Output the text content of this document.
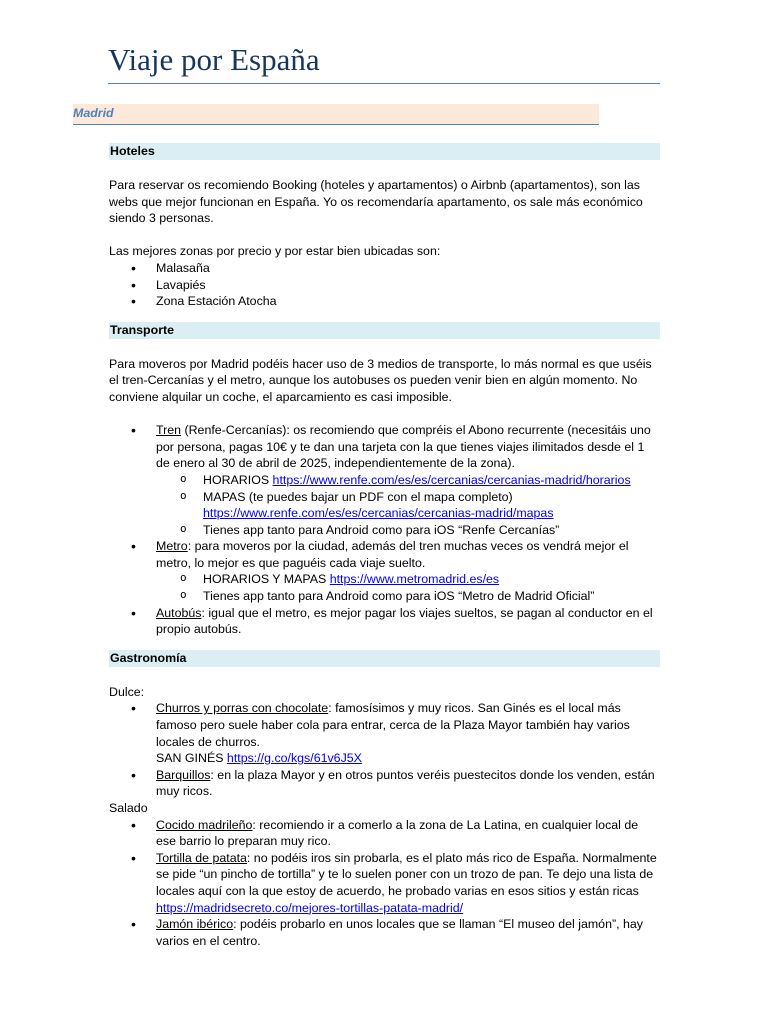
Viaje por España
Madrid
Hoteles

Para reservar os recomiendo Booking (hoteles y apartamentos) o Airbnb (apartamentos), son las webs que mejor funcionan en España. Yo os recomendaría apartamento, os sale más económico siendo 3 personas.

Las mejores zonas por precio y por estar bien ubicadas son:

• Malasaña
• Lavapiés
• Zona Estación Atocha
Transporte

Para moveros por Madrid podéis hacer uso de 3 medios de transporte, lo más normal es que uséis el tren-Cercanías y el metro, aunque los autobuses os pueden venir bien en algún momento. No conviene alquilar un coche, el aparcamiento es casi imposible.

• Tren (Renfe-Cercanías): os recomiendo que compréis el Abono recurrente (necesitáis uno por persona, pagas 10€ y te dan una tarjeta con la que tienes viajes ilimitados desde el 1 de enero al 30 de abril de 2025, independientemente de la zona).
o HORARIOS https://www.renfe.com/es/es/cercanias/cercanias-madrid/horarios
o MAPAS (te puedes bajar un PDF con el mapa completo) https://www.renfe.com/es/es/cercanias/cercanias-madrid/mapas
o Tienes app tanto para Android como para iOS “Renfe Cercanías”
• Metro: para moveros por la ciudad, además del tren muchas veces os vendrá mejor el metro, lo mejor es que paguéis cada viaje suelto.
o HORARIOS Y MAPAS https://www.metromadrid.es/es
o Tienes app tanto para Android como para iOS “Metro de Madrid Oficial”
• Autobús: igual que el metro, es mejor pagar los viajes sueltos, se pagan al conductor en el propio autobús.
Gastronomía

Dulce:

• Churros y porras con chocolate: famosísimos y muy ricos. San Ginés es el local más famoso pero suele haber cola para entrar, cerca de la Plaza Mayor también hay varios locales de churros.
SAN GINÉS https://g.co/kgs/61v6J5X
• Barquillos: en la plaza Mayor y en otros puntos veréis puestecitos donde los venden, están muy ricos.

Salado

• Cocido madrileño: recomiendo ir a comerlo a la zona de La Latina, en cualquier local de ese barrio lo preparan muy rico.
• Tortilla de patata: no podéis iros sin probarla, es el plato más rico de España. Normalmente se pide “un pincho de tortilla” y te lo suelen poner con un trozo de pan. Te dejo una lista de locales aquí con la que estoy de acuerdo, he probado varias en esos sitios y están ricas https://madridsecreto.co/mejores-tortillas-patata-madrid/
• Jamón ibérico: podéis probarlo en unos locales que se llaman “El museo del jamón”, hay varios en el centro.
